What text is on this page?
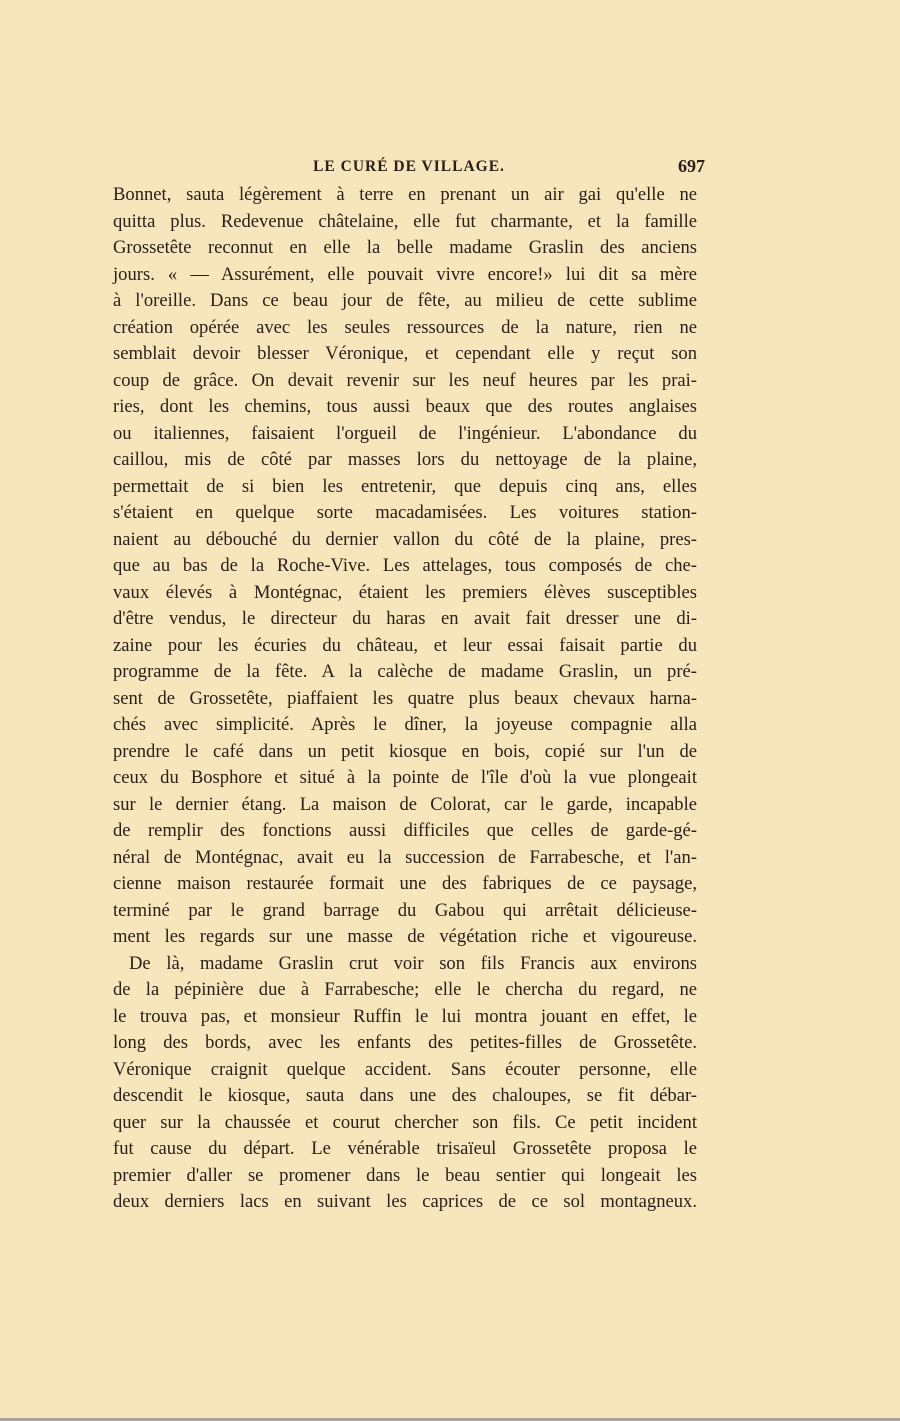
LE CURÉ DE VILLAGE.	697
Bonnet, sauta légèrement à terre en prenant un air gai qu'elle ne
quitta plus. Redevenue châtelaine, elle fut charmante, et la famille
Grossetête reconnut en elle la belle madame Graslin des anciens
jours. « — Assurément, elle pouvait vivre encore!» lui dit sa mère
à l'oreille. Dans ce beau jour de fête, au milieu de cette sublime
création opérée avec les seules ressources de la nature, rien ne
semblait devoir blesser Véronique, et cependant elle y reçut son
coup de grâce. On devait revenir sur les neuf heures par les prai-
ries, dont les chemins, tous aussi beaux que des routes anglaises
ou italiennes, faisaient l'orgueil de l'ingénieur. L'abondance du
caillou, mis de côté par masses lors du nettoyage de la plaine,
permettait de si bien les entretenir, que depuis cinq ans, elles
s'étaient en quelque sorte macadamisées. Les voitures station-
naient au débouché du dernier vallon du côté de la plaine, pres-
que au bas de la Roche-Vive. Les attelages, tous composés de che-
vaux élevés à Montégnac, étaient les premiers élèves susceptibles
d'être vendus, le directeur du haras en avait fait dresser une di-
zaine pour les écuries du château, et leur essai faisait partie du
programme de la fête. A la calèche de madame Graslin, un pré-
sent de Grossetête, piaffaient les quatre plus beaux chevaux harna-
chés avec simplicité. Après le dîner, la joyeuse compagnie alla
prendre le café dans un petit kiosque en bois, copié sur l'un de
ceux du Bosphore et situé à la pointe de l'île d'où la vue plongeait
sur le dernier étang. La maison de Colorat, car le garde, incapable
de remplir des fonctions aussi difficiles que celles de garde-gé-
néral de Montégnac, avait eu la succession de Farrabesche, et l'an-
cienne maison restaurée formait une des fabriques de ce paysage,
terminé par le grand barrage du Gabou qui arrêtait délicieuse-
ment les regards sur une masse de végétation riche et vigoureuse.
De là, madame Graslin crut voir son fils Francis aux environs
de la pépinière due à Farrabesche; elle le chercha du regard, ne
le trouva pas, et monsieur Ruffin le lui montra jouant en effet, le
long des bords, avec les enfants des petites-filles de Grossetête.
Véronique craignit quelque accident. Sans écouter personne, elle
descendit le kiosque, sauta dans une des chaloupes, se fit débar-
quer sur la chaussée et courut chercher son fils. Ce petit incident
fut cause du départ. Le vénérable trisaïeul Grossetête proposa le
premier d'aller se promener dans le beau sentier qui longeait les
deux derniers lacs en suivant les caprices de ce sol montagneux.
